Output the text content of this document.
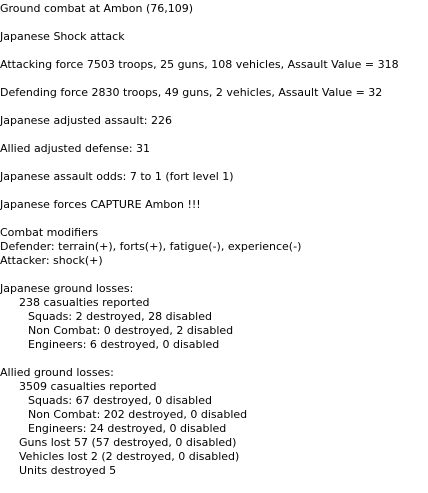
Ground combat at Ambon (76,109)
Japanese Shock attack
Attacking force 7503 troops, 25 guns, 108 vehicles, Assault Value = 318
Defending force 2830 troops, 49 guns, 2 vehicles, Assault Value = 32
Japanese adjusted assault: 226
Allied adjusted defense: 31
Japanese assault odds: 7 to 1 (fort level 1)
Japanese forces CAPTURE Ambon !!!
Combat modifiers
Defender: terrain(+), forts(+), fatigue(-), experience(-)
Attacker: shock(+)
Japanese ground losses:
238 casualties reported
Squads: 2 destroyed, 28 disabled
Non Combat: 0 destroyed, 2 disabled
Engineers: 6 destroyed, 0 disabled
Allied ground losses:
3509 casualties reported
Squads: 67 destroyed, 0 disabled
Non Combat: 202 destroyed, 0 disabled
Engineers: 24 destroyed, 0 disabled
Guns lost 57 (57 destroyed, 0 disabled)
Vehicles lost 2 (2 destroyed, 0 disabled)
Units destroyed 5
